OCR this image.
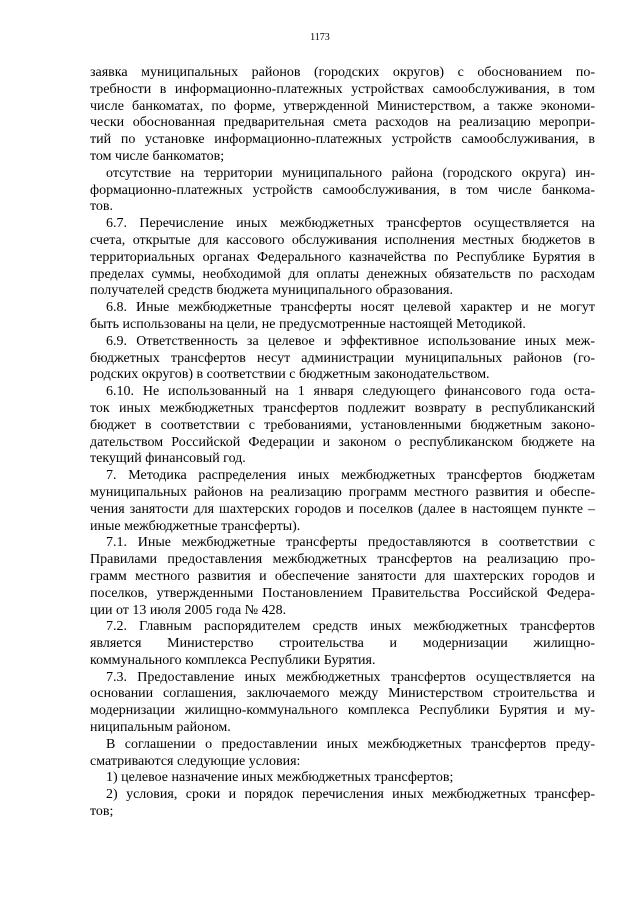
1173
заявка муниципальных районов (городских округов) с обоснованием по-
требности в информационно-платежных устройствах самообслуживания, в том
числе банкоматах, по форме, утвержденной Министерством, а также экономи-
чески обоснованная предварительная смета расходов на реализацию меропри-
тий по установке информационно-платежных устройств самообслуживания, в
том числе банкоматов;
отсутствие на территории муниципального района (городского округа) ин-
формационно-платежных устройств самообслуживания, в том числе банкома-
тов.
6.7. Перечисление иных межбюджетных трансфертов осуществляется на
счета, открытые для кассового обслуживания исполнения местных бюджетов в
территориальных органах Федерального казначейства по Республике Бурятия в
пределах суммы, необходимой для оплаты денежных обязательств по расходам
получателей средств бюджета муниципального образования.
6.8. Иные межбюджетные трансферты носят целевой характер и не могут
быть использованы на цели, не предусмотренные настоящей Методикой.
6.9. Ответственность за целевое и эффективное использование иных меж-
бюджетных трансфертов несут администрации муниципальных районов (го-
родских округов) в соответствии с бюджетным законодательством.
6.10. Не использованный на 1 января следующего финансового года оста-
ток иных межбюджетных трансфертов подлежит возврату в республиканский
бюджет в соответствии с требованиями, установленными бюджетным законо-
дательством Российской Федерации и законом о республиканском бюджете на
текущий финансовый год.
7. Методика распределения иных межбюджетных трансфертов бюджетам
муниципальных районов на реализацию программ местного развития и обеспе-
чения занятости для шахтерских городов и поселков (далее в настоящем пункте –
иные межбюджетные трансферты).
7.1. Иные межбюджетные трансферты предоставляются в соответствии с
Правилами предоставления межбюджетных трансфертов на реализацию про-
грамм местного развития и обеспечение занятости для шахтерских городов и
поселков, утвержденными Постановлением Правительства Российской Федера-
ции от 13 июля 2005 года № 428.
7.2. Главным распорядителем средств иных межбюджетных трансфертов
является Министерство строительства и модернизации жилищно-
коммунального комплекса Республики Бурятия.
7.3. Предоставление иных межбюджетных трансфертов осуществляется на
основании соглашения, заключаемого между Министерством строительства и
модернизации жилищно-коммунального комплекса Республики Бурятия и му-
ниципальным районом.
В соглашении о предоставлении иных межбюджетных трансфертов преду-
сматриваются следующие условия:
1) целевое назначение иных межбюджетных трансфертов;
2) условия, сроки и порядок перечисления иных межбюджетных трансфер-
тов;
